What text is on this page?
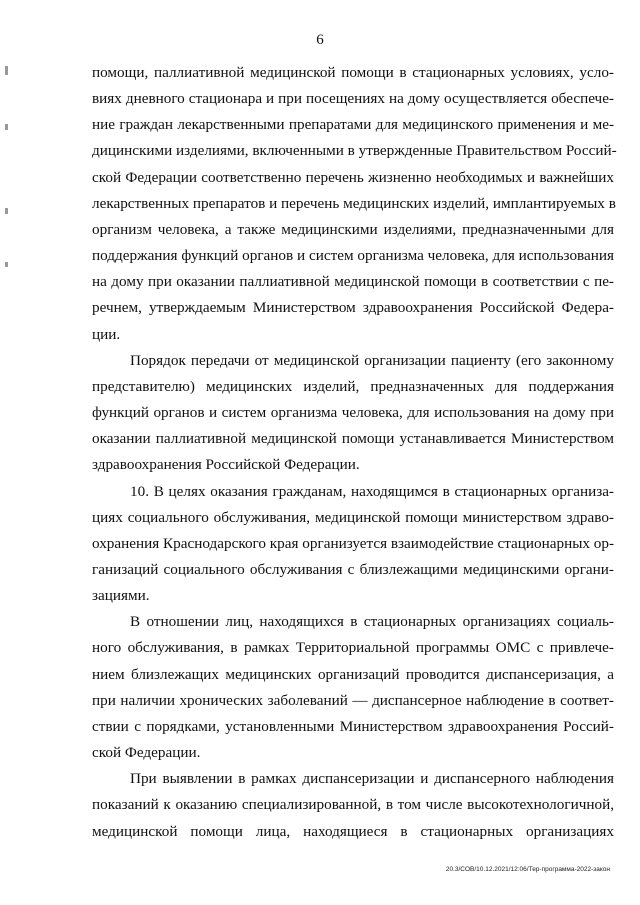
6

помощи, паллиативной медицинской помощи в стационарных условиях, усло-
виях дневного стационара и при посещениях на дому осуществляется обеспече-
ние граждан лекарственными препаратами для медицинского применения и ме-
дицинскими изделиями, включенными в утвержденные Правительством Россий-
ской Федерации соответственно перечень жизненно необходимых и важнейших
лекарственных препаратов и перечень медицинских изделий, имплантируемых в
организм человека, а также медицинскими изделиями, предназначенными для
поддержания функций органов и систем организма человека, для использования
на дому при оказании паллиативной медицинской помощи в соответствии с пе-
речнем, утверждаемым Министерством здравоохранения Российской Федера-
ции.

Порядок передачи от медицинской организации пациенту (его законному
представителю) медицинских изделий, предназначенных для поддержания
функций органов и систем организма человека, для использования на дому при
оказании паллиативной медицинской помощи устанавливается Министерством
здравоохранения Российской Федерации.

10. В целях оказания гражданам, находящимся в стационарных организа-
циях социального обслуживания, медицинской помощи министерством здраво-
охранения Краснодарского края организуется взаимодействие стационарных ор-
ганизаций социального обслуживания с близлежащими медицинскими органи-
зациями.

В отношении лиц, находящихся в стационарных организациях социаль-
ного обслуживания, в рамках Территориальной программы ОМС с привлече-
нием близлежащих медицинских организаций проводится диспансеризация, а
при наличии хронических заболеваний — диспансерное наблюдение в соответ-
ствии с порядками, установленными Министерством здравоохранения Россий-
ской Федерации.

При выявлении в рамках диспансеризации и диспансерного наблюдения
показаний к оказанию специализированной, в том числе высокотехнологичной,
медицинской помощи лица, находящиеся в стационарных организациях

20.3/COB/10.12.2021/12:06/Тер-программа-2022-закон
